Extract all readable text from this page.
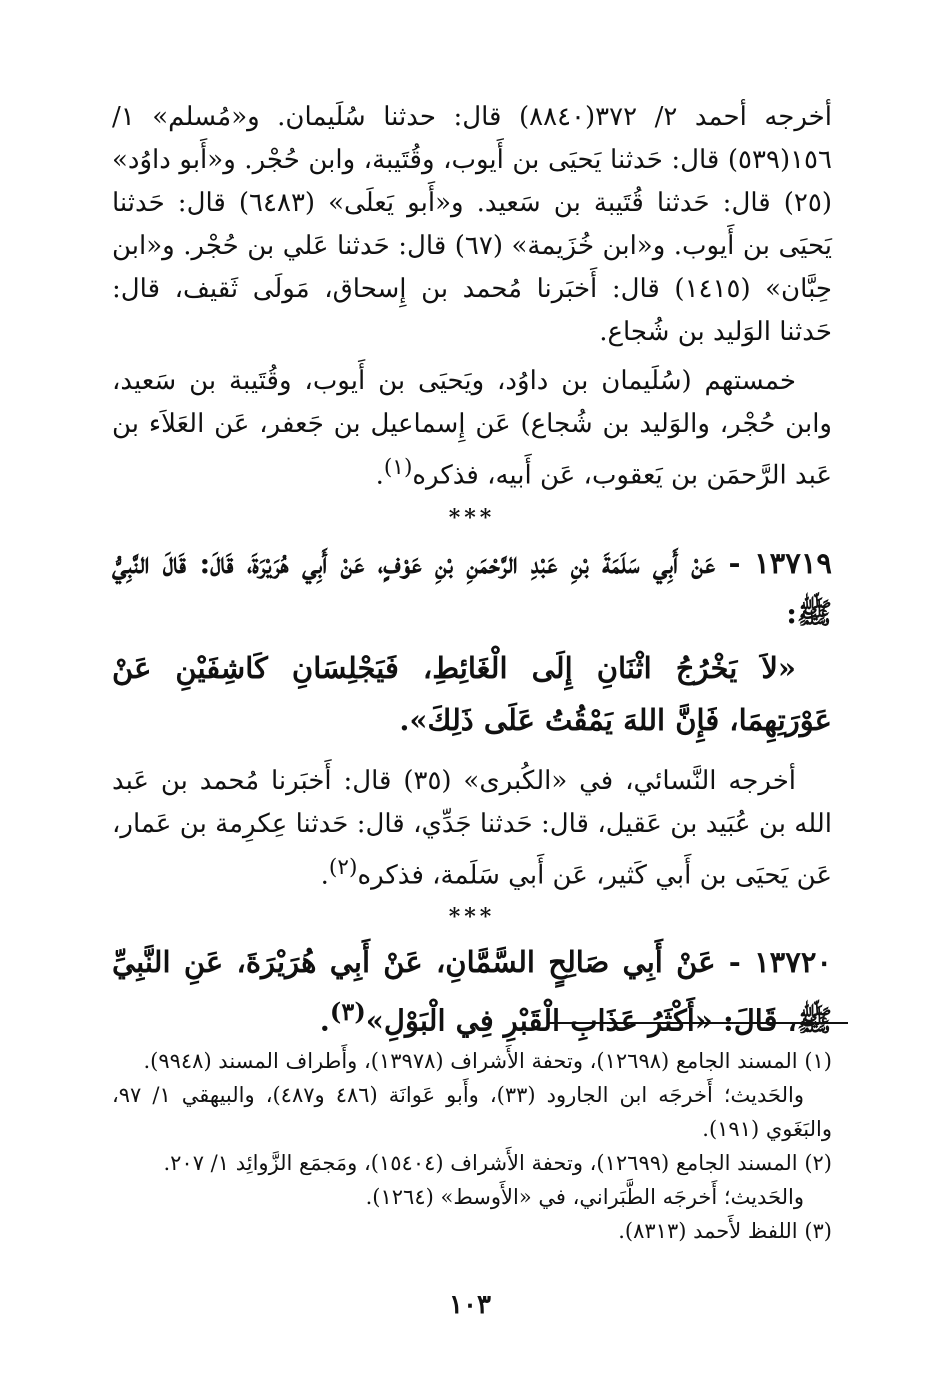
أخرجه أحمد ٢/ ٣٧٢(٨٨٤٠) قال: حدثنا سُلَيمان. و«مُسلم» ١/ ١٥٦(٥٣٩) قال: حَدثنا يَحيَى بن أَيوب، وقُتَيبة، وابن حُجْر. و«أَبو داوُد» (٢٥) قال: حَدثنا قُتَيبة بن سَعيد. و«أَبو يَعلَى» (٦٤٨٣) قال: حَدثنا يَحيَى بن أَيوب. و«ابن خُزَيمة» (٦٧) قال: حَدثنا عَلي بن حُجْر. و«ابن حِبَّان» (١٤١٥) قال: أَخبَرنا مُحمد بن إِسحاق، مَولَى ثَقيف، قال: حَدثنا الوَليد بن شُجاع.

خمستهم (سُلَيمان بن داوُد، ويَحيَى بن أَيوب، وقُتَيبة بن سَعيد، وابن حُجْر، والوَليد بن شُجاع) عَن إِسماعيل بن جَعفر، عَن العَلاَء بن عَبد الرَّحمَن بن يَعقوب، عَن أَبيه، فذكره$^{(١)}$.

***

١٣٧١٩ - عَنْ أَبِي سَلَمَةَ بْنِ عَبْدِ الرَّحْمَنِ بْنِ عَوْفٍ، عَنْ أَبِي هُرَيْرَةَ، قَالَ: قَالَ النَّبِيُّ ﷺ:

«لاَ يَخْرُجُ اثْنَانِ إِلَى الْغَائِطِ، فَيَجْلِسَانِ كَاشِفَيْنِ عَنْ عَوْرَتِهِمَا، فَإِنَّ اللهَ يَمْقُتُ عَلَى ذَلِكَ».

أخرجه النَّسائي، في «الكُبرى» (٣٥) قال: أَخبَرنا مُحمد بن عَبد الله بن عُبَيد بن عَقيل، قال: حَدثنا جَدِّي، قال: حَدثنا عِكرِمة بن عَمار، عَن يَحيَى بن أَبي كَثير، عَن أَبي سَلَمة، فذكره$^{(٢)}$.

***

١٣٧٢٠ - عَنْ أَبِي صَالِحٍ السَّمَّانِ، عَنْ أَبِي هُرَيْرَةَ، عَنِ النَّبِيِّ ﷺ، قَالَ: «أَكْثَرُ عَذَابِ الْقَبْرِ فِي الْبَوْلِ»$^{(٣)}$.

(١) المسند الجامع (١٢٦٩٨)، وتحفة الأَشراف (١٣٩٧٨)، وأَطراف المسند (٩٩٤٨).

والحَديث؛ أَخرجَه ابن الجارود (٣٣)، وأَبو عَوانَة (٤٨٦ و٤٨٧)، والبيهقي ١/ ٩٧، والبَغَوي (١٩١).

(٢) المسند الجامع (١٢٦٩٩)، وتحفة الأَشراف (١٥٤٠٤)، ومَجمَع الزَّوائِد ١/ ٢٠٧.

والحَديث؛ أَخرجَه الطَّبَراني، في «الأَوسط» (١٢٦٤).

(٣) اللفظ لأَحمد (٨٣١٣).

١٠٣
